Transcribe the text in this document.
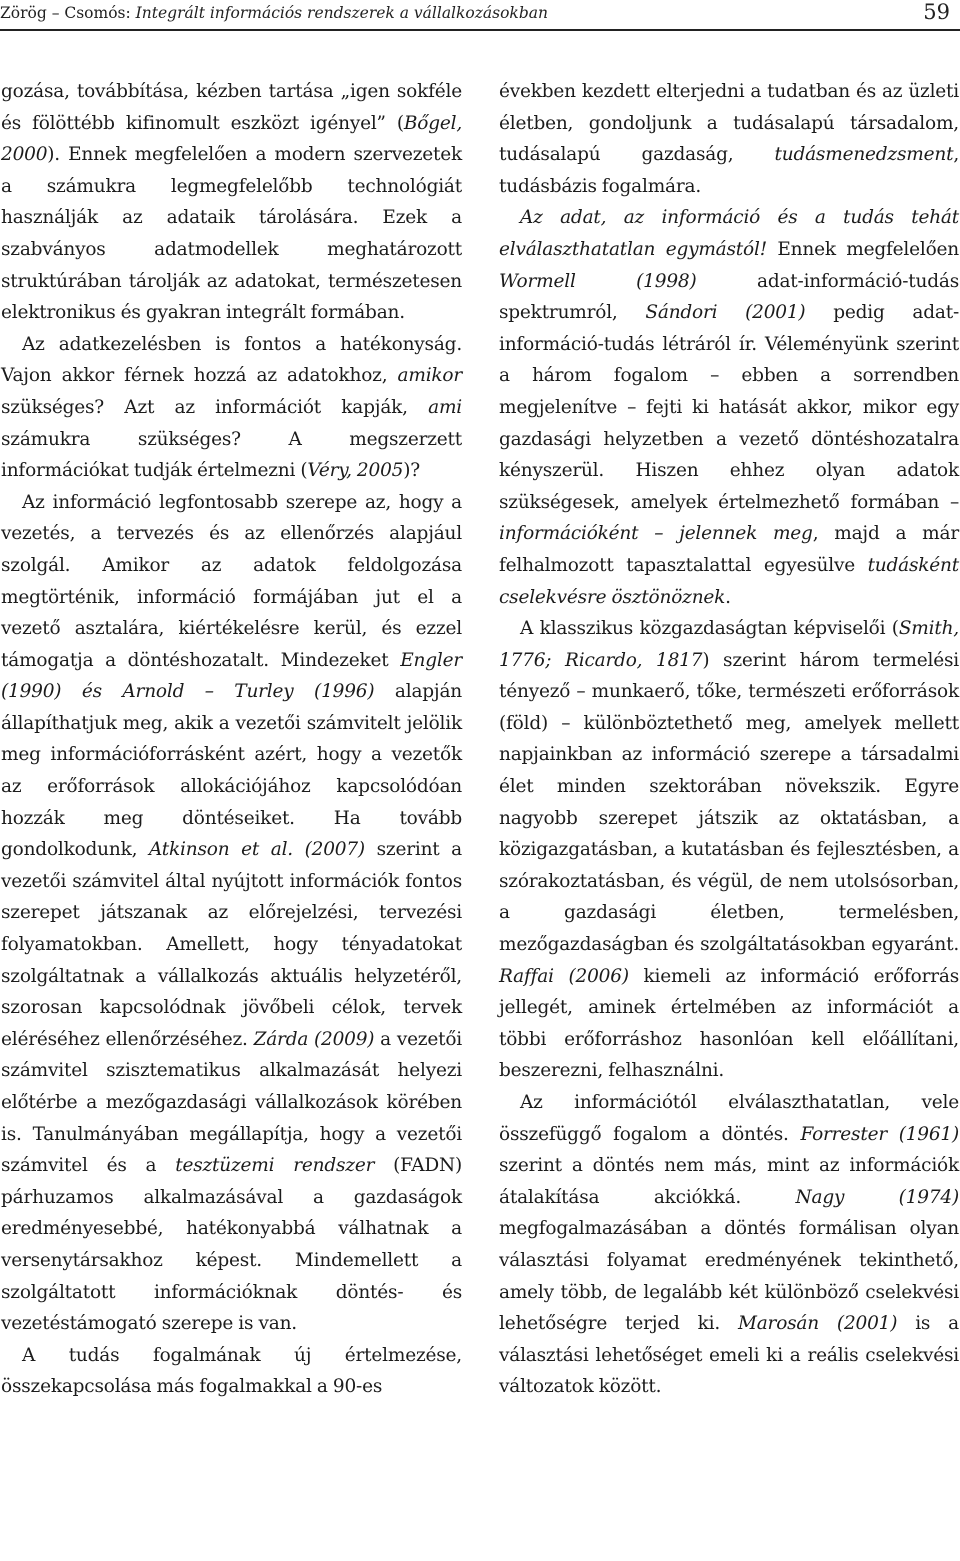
Zörög – Csomós: Integrált információs rendszerek a vállalkozásokban	59

gozása, továbbítása, kézben tartása „igen sokféle és fölöttébb kifinomult eszközt igényel” (Bőgel, 2000). Ennek megfelelően a modern szervezetek a számukra legmegfelelőbb technológiát használják az adataik tárolására. Ezek a szabványos adatmodellek meghatározott struktúrában tárolják az adatokat, természetesen elektronikus és gyakran integrált formában.

Az adatkezelésben is fontos a hatékonyság. Vajon akkor férnek hozzá az adatokhoz, amikor szükséges? Azt az információt kapják, ami számukra szükséges? A megszerzett információkat tudják értelmezni (Véry, 2005)?

Az információ legfontosabb szerepe az, hogy a vezetés, a tervezés és az ellenőrzés alapjául szolgál. Amikor az adatok feldolgozása megtörténik, információ formájában jut el a vezető asztalára, kiértékelésre kerül, és ezzel támogatja a döntéshozatalt. Mindezeket Engler (1990) és Arnold – Turley (1996) alapján állapíthatjuk meg, akik a vezetői számvitelt jelölik meg információforrásként azért, hogy a vezetők az erőforrások allokációjához kapcsolódóan hozzák meg döntéseiket. Ha tovább gondolkodunk, Atkinson et al. (2007) szerint a vezetői számvitel által nyújtott információk fontos szerepet játszanak az előrejelzési, tervezési folyamatokban. Amellett, hogy tényadatokat szolgáltatnak a vállalkozás aktuális helyzetéről, szorosan kapcsolódnak jövőbeli célok, tervek eléréséhez ellenőrzéséhez. Zárda (2009) a vezetői számvitel szisztematikus alkalmazását helyezi előtérbe a mezőgazdasági vállalkozások körében is. Tanulmányában megállapítja, hogy a vezetői számvitel és a tesztüzemi rendszer (FADN) párhuzamos alkalmazásával a gazdaságok eredményesebbé, hatékonyabbá válhatnak a versenytársakhoz képest. Mindemellett a szolgáltatott információknak döntés- és vezetéstámogató szerepe is van.

A tudás fogalmának új értelmezése, összekapcsolása más fogalmakkal a 90-es

években kezdett elterjedni a tudatban és az üzleti életben, gondoljunk a tudásalapú társadalom, tudásalapú gazdaság, tudásmenedzsment, tudásbázis fogalmára.

Az adat, az információ és a tudás tehát elválaszthatatlan egymástól! Ennek megfelelően Wormell (1998) adat-információ-tudás spektrumról, Sándori (2001) pedig adat-információ-tudás létráról ír. Véleményünk szerint a három fogalom – ebben a sorrendben megjelenítve – fejti ki hatását akkor, mikor egy gazdasági helyzetben a vezető döntéshozatalra kényszerül. Hiszen ehhez olyan adatok szükségesek, amelyek értelmezhető formában – információként – jelennek meg, majd a már felhalmozott tapasztalattal egyesülve tudásként cselekvésre ösztönöznek.

A klasszikus közgazdaságtan képviselői (Smith, 1776; Ricardo, 1817) szerint három termelési tényező – munkaerő, tőke, természeti erőforrások (föld) – különböztethető meg, amelyek mellett napjainkban az információ szerepe a társadalmi élet minden szektorában növekszik. Egyre nagyobb szerepet játszik az oktatásban, a közigazgatásban, a kutatásban és fejlesztésben, a szórakoztatásban, és végül, de nem utolsósorban, a gazdasági életben, termelésben, mezőgazdaságban és szolgáltatásokban egyaránt. Raffai (2006) kiemeli az információ erőforrás jellegét, aminek értelmében az információt a többi erőforráshoz hasonlóan kell előállítani, beszerezni, felhasználni.

Az információtól elválaszthatatlan, vele összefüggő fogalom a döntés. Forrester (1961) szerint a döntés nem más, mint az információk átalakítása akciókká. Nagy (1974) megfogalmazásában a döntés formálisan olyan választási folyamat eredményének tekinthető, amely több, de legalább két különböző cselekvési lehetőségre terjed ki. Marosán (2001) is a választási lehetőséget emeli ki a reális cselekvési változatok között.
